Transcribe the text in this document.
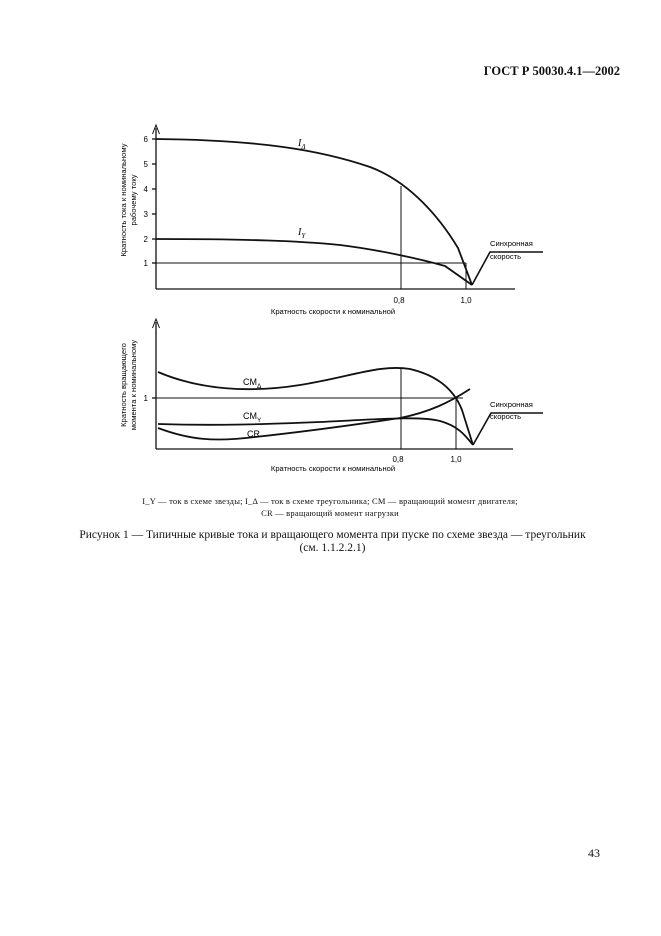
ГОСТ Р 50030.4.1—2002
Кратность тока к номинальному рабочему току
1
2
3
4
5
6
0,8	1,0
Кратность скорости к номинальной
$I_\Delta$
$I_Y$
Синхронная
скорость
Кратность вращающего момента к номинальному 1
0,8	1,0
Кратность скорости к номинальной
$CM_\Delta$
$CM_Y$
CR
Синхронная
скорость
I_Y — ток в схеме звезды; I_Δ — ток в схеме треугольника; CM — вращающий момент двигателя;
CR — вращающий момент нагрузки
Рисунок 1 — Типичные кривые тока и вращающего момента при пуске по схеме звезда — треугольник
(см. 1.1.2.2.1)
43
